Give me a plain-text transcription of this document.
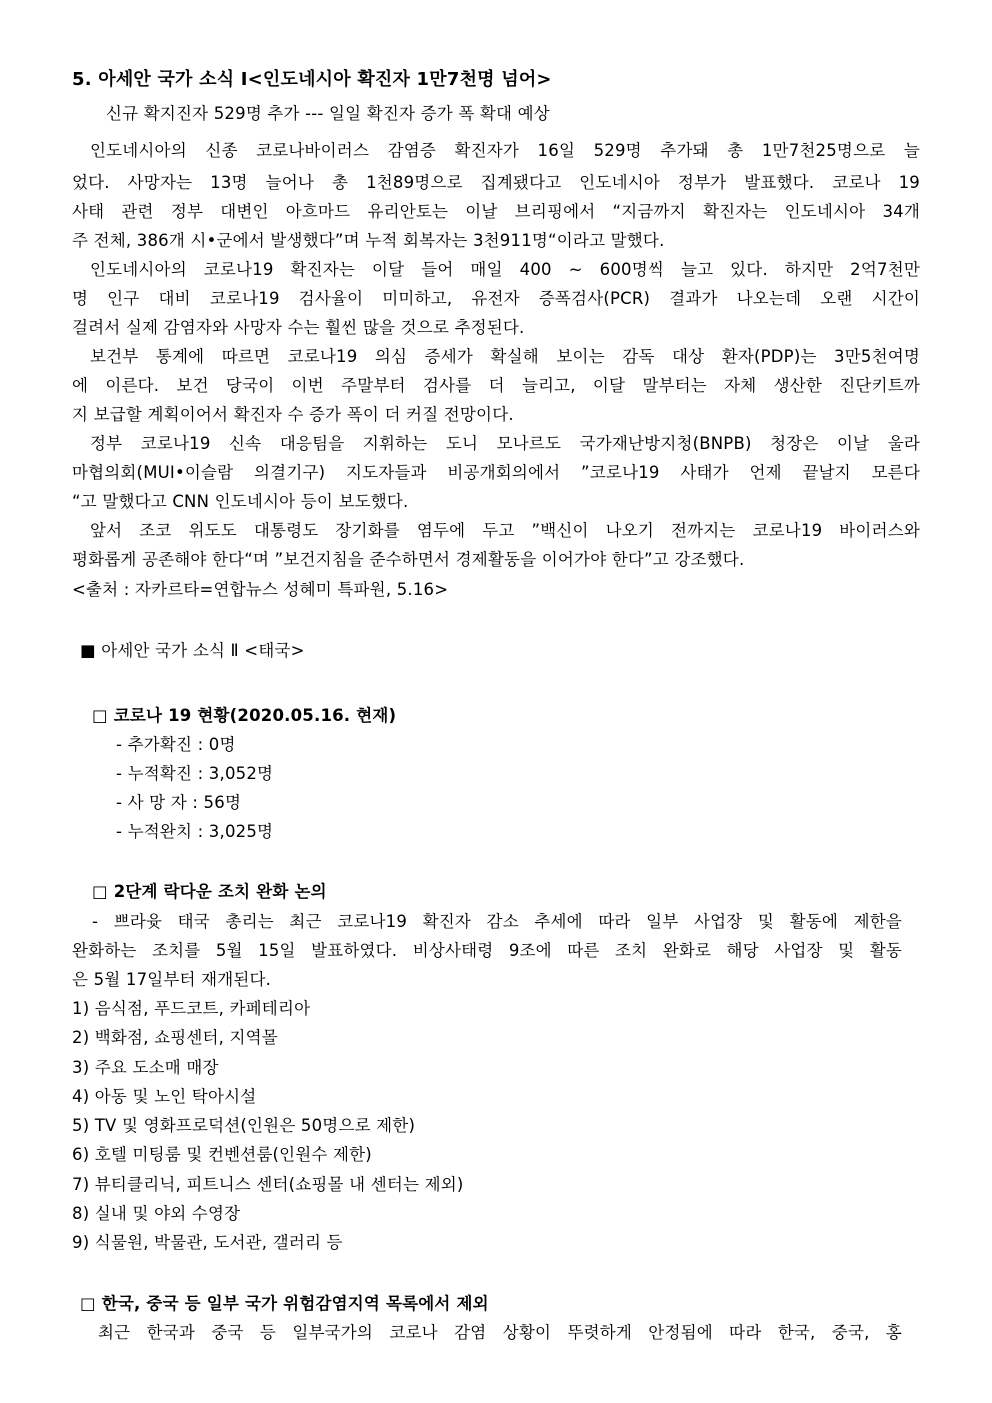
5. 아세안 국가 소식 Ⅰ<인도네시아 확진자 1만7천명 넘어>
신규 확지진자 529명 추가 --- 일일 확진자 증가 폭 확대 예상
인도네시아의 신종 코로나바이러스 감염증 확진자가 16일 529명 추가돼 총 1만7천25명으로 늘
었다. 사망자는 13명 늘어나 총 1천89명으로 집계됐다고 인도네시아 정부가 발표했다. 코로나 19
사태 관련 정부 대변인 아흐마드 유리안토는 이날 브리핑에서 “지금까지 확진자는 인도네시아 34개
주 전체, 386개 시•군에서 발생했다”며 누적 회복자는 3천911명“이라고 말했다.
인도네시아의 코로나19 확진자는 이달 들어 매일 400 ~ 600명씩 늘고 있다. 하지만 2억7천만
명 인구 대비 코로나19 검사율이 미미하고, 유전자 증폭검사(PCR) 결과가 나오는데 오랜 시간이
걸려서 실제 감염자와 사망자 수는 훨씬 많을 것으로 추정된다.
보건부 통계에 따르면 코로나19 의심 증세가 확실해 보이는 감독 대상 환자(PDP)는 3만5천여명
에 이른다. 보건 당국이 이번 주말부터 검사를 더 늘리고, 이달 말부터는 자체 생산한 진단키트까
지 보급할 계획이어서 확진자 수 증가 폭이 더 커질 전망이다.
정부 코로나19 신속 대응팀을 지휘하는 도니 모나르도 국가재난방지청(BNPB) 청장은 이날 울라
마협의회(MUI•이슬람 의결기구) 지도자들과 비공개회의에서 ”코로나19 사태가 언제 끝날지 모른다
“고 말했다고 CNN 인도네시아 등이 보도했다.
앞서 조코 위도도 대통령도 장기화를 염두에 두고 ”백신이 나오기 전까지는 코로나19 바이러스와
평화롭게 공존해야 한다“며 ”보건지침을 준수하면서 경제활동을 이어가야 한다”고 강조했다.
<출처 : 자카르타=연합뉴스 성혜미 특파원, 5.16>
■ 아세안 국가 소식 Ⅱ <태국>
□ 코로나 19 현황(2020.05.16. 현재)
- 추가확진 : 0명
- 누적확진 : 3,052명
- 사 망 자 : 56명
- 누적완치 : 3,025명
□ 2단계 락다운 조치 완화 논의
- 쁘라윳 태국 총리는 최근 코로나19 확진자 감소 추세에 따라 일부 사업장 및 활동에 제한을
완화하는 조치를 5월 15일 발표하였다. 비상사태령 9조에 따른 조치 완화로 해당 사업장 및 활동
은 5월 17일부터 재개된다.
1) 음식점, 푸드코트, 카페테리아
2) 백화점, 쇼핑센터, 지역몰
3) 주요 도소매 매장
4) 아동 및 노인 탁아시설
5) TV 및 영화프로덕션(인원은 50명으로 제한)
6) 호텔 미팅룸 및 컨벤션룸(인원수 제한)
7) 뷰티클리닉, 피트니스 센터(쇼핑몰 내 센터는 제외)
8) 실내 및 야외 수영장
9) 식물원, 박물관, 도서관, 갤러리 등
□ 한국, 중국 등 일부 국가 위험감염지역 목록에서 제외
최근 한국과 중국 등 일부국가의 코로나 감염 상황이 뚜렷하게 안정됨에 따라 한국, 중국, 홍
